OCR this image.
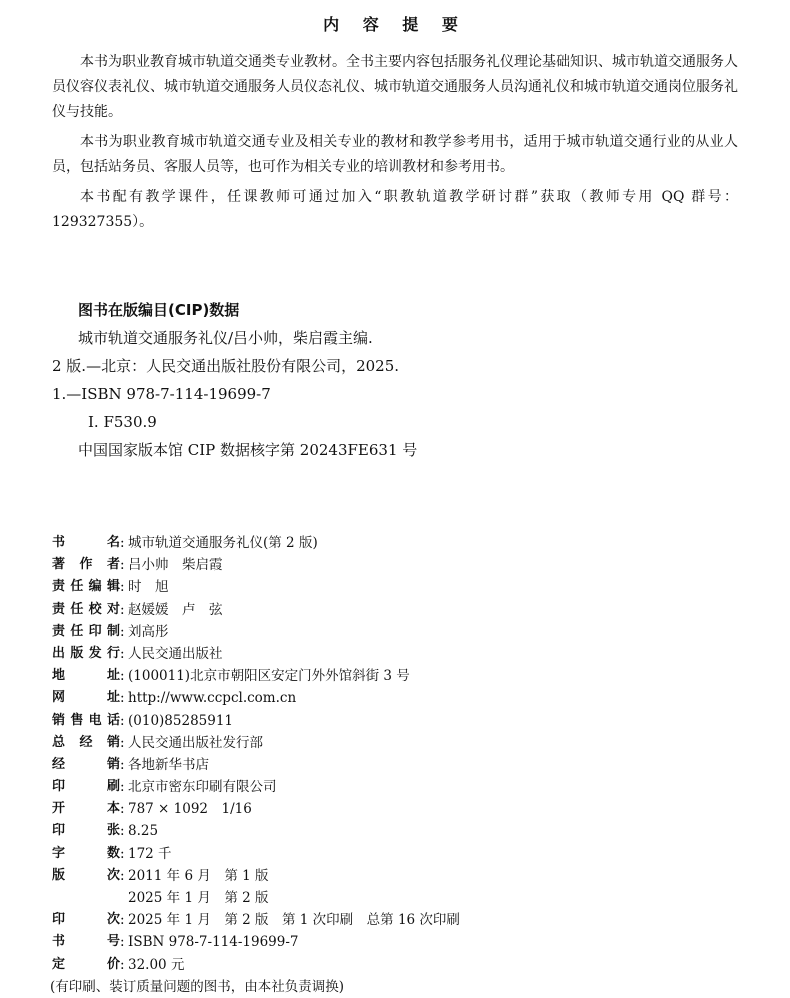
内 容 提 要

本书为职业教育城市轨道交通类专业教材。全书主要内容包括服务礼仪理论基础知识、城市轨道交通服务人员仪容仪表礼仪、城市轨道交通服务人员仪态礼仪、城市轨道交通服务人员沟通礼仪和城市轨道交通岗位服务礼仪与技能。

本书为职业教育城市轨道交通专业及相关专业的教材和教学参考用书，适用于城市轨道交通行业的从业人员，包括站务员、客服人员等，也可作为相关专业的培训教材和参考用书。

本书配有教学课件，任课教师可通过加入“职教轨道教学研讨群”获取（教师专用 QQ 群号：129327355）。

图书在版编目(CIP)数据
城市轨道交通服务礼仪/吕小帅，柴启霞主编.
2 版.—北京：人民交通出版社股份有限公司，2025.
1.—ISBN 978-7-114-19699-7
Ⅰ. F530.9
中国国家版本馆 CIP 数据核字第 20243FE631 号
书名 : 城市轨道交通服务礼仪(第 2 版)
著作者 : 吕小帅　柴启霞
责任编辑 : 时　旭
责任校对 : 赵媛媛　卢　弦
责任印制 : 刘高彤
出版发行 : 人民交通出版社
地址 : (100011)北京市朝阳区安定门外外馆斜街 3 号
网址 : http://www.ccpcl.com.cn
销售电话 : (010)85285911
总经销 : 人民交通出版社发行部
经销 : 各地新华书店
印刷 : 北京市密东印刷有限公司
开本 : 787 × 1092　1/16
印张 : 8.25
字数 : 172 千
版次 : 2011 年 6 月　第 1 版
2025 年 1 月　第 2 版
印次 : 2025 年 1 月　第 2 版　第 1 次印刷　总第 16 次印刷
书号 : ISBN 978-7-114-19699-7
定价 : 32.00 元
(有印刷、装订质量问题的图书，由本社负责调换)
